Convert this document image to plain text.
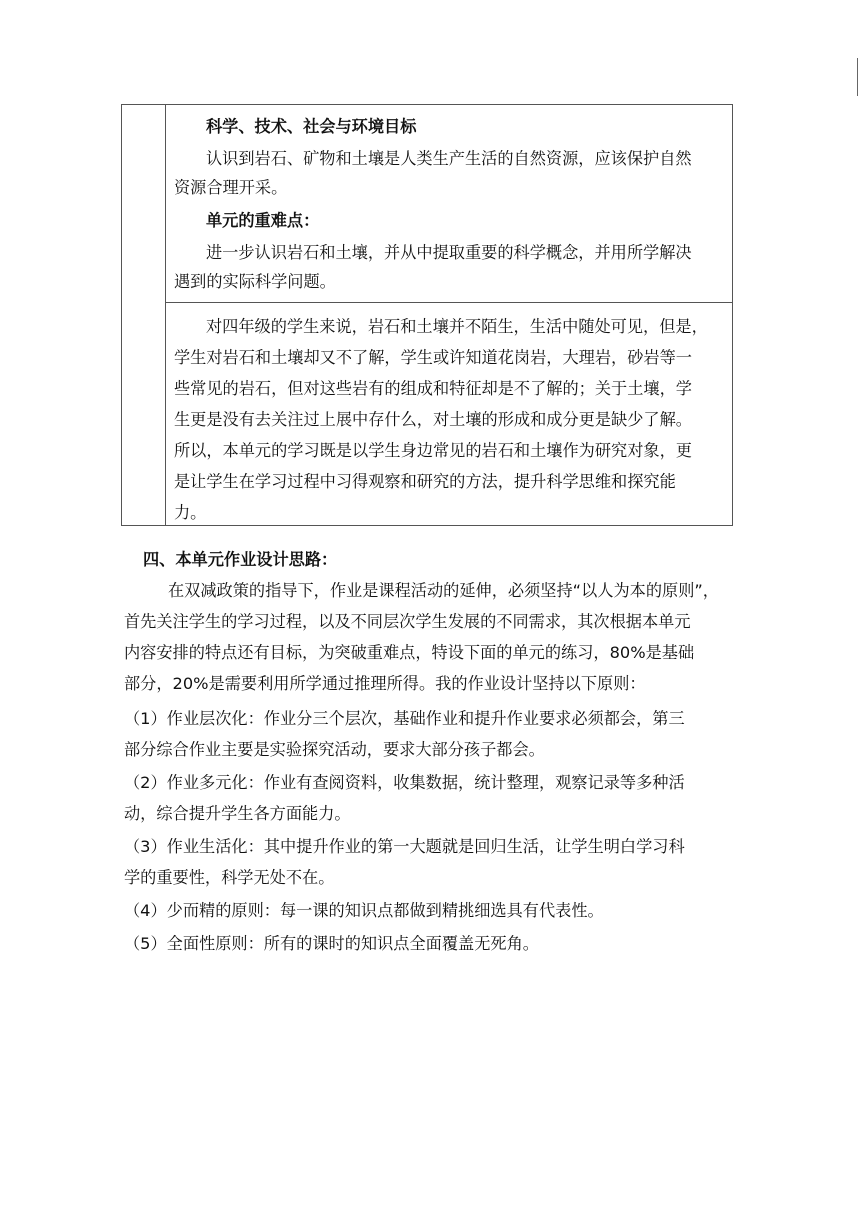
科学、技术、社会与环境目标
认识到岩石、矿物和土壤是人类生产生活的自然资源，应该保护自然
资源合理开采。
单元的重难点：
进一步认识岩石和土壤，并从中提取重要的科学概念，并用所学解决
遇到的实际科学问题。
对四年级的学生来说，岩石和土壤并不陌生，生活中随处可见，但是，
学生对岩石和土壤却又不了解，学生或许知道花岗岩，大理岩，砂岩等一
些常见的岩石，但对这些岩有的组成和特征却是不了解的；关于土壤，学
生更是没有去关注过上展中存什么，对土壤的形成和成分更是缺少了解。
所以，本单元的学习既是以学生身边常见的岩石和土壤作为研究对象，更
是让学生在学习过程中习得观察和研究的方法，提升科学思维和探究能
力。
四、本单元作业设计思路：
在双减政策的指导下，作业是课程活动的延伸，必须坚持“以人为本的原则”，
首先关注学生的学习过程，以及不同层次学生发展的不同需求，其次根据本单元
内容安排的特点还有目标，为突破重难点，特设下面的单元的练习，80%是基础
部分，20%是需要利用所学通过推理所得。我的作业设计坚持以下原则：
（1）作业层次化：作业分三个层次，基础作业和提升作业要求必须都会，第三
部分综合作业主要是实验探究活动，要求大部分孩子都会。
（2）作业多元化：作业有查阅资料，收集数据，统计整理，观察记录等多种活
动，综合提升学生各方面能力。
（3）作业生活化：其中提升作业的第一大题就是回归生活，让学生明白学习科
学的重要性，科学无处不在。
（4）少而精的原则：每一课的知识点都做到精挑细选具有代表性。
（5）全面性原则：所有的课时的知识点全面覆盖无死角。
